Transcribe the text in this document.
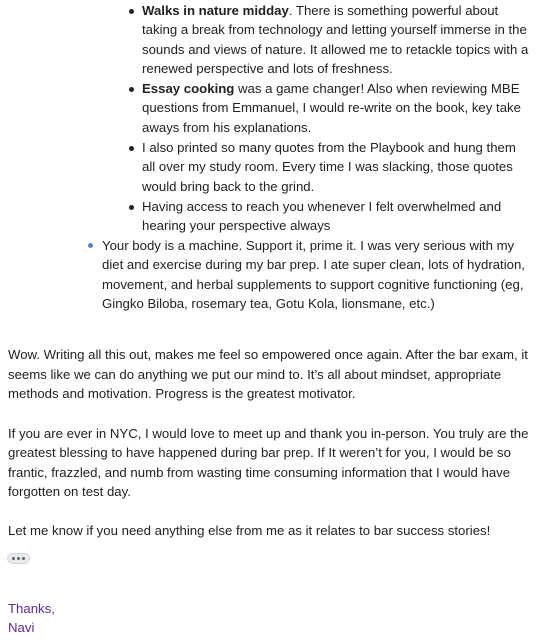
Walks in nature midday. There is something powerful about
taking a break from technology and letting yourself immerse in the
sounds and views of nature. It allowed me to retackle topics with a
renewed perspective and lots of freshness.
Essay cooking was a game changer! Also when reviewing MBE
questions from Emmanuel, I would re-write on the book, key take
aways from his explanations.
I also printed so many quotes from the Playbook and hung them
all over my study room. Every time I was slacking, those quotes
would bring back to the grind.
Having access to reach you whenever I felt overwhelmed and
hearing your perspective always
Your body is a machine. Support it, prime it. I was very serious with my
diet and exercise during my bar prep. I ate super clean, lots of hydration,
movement, and herbal supplements to support cognitive functioning (eg,
Gingko Biloba, rosemary tea, Gotu Kola, lionsmane, etc.)
Wow. Writing all this out, makes me feel so empowered once again. After the bar exam, it
seems like we can do anything we put our mind to. It’s all about mindset, appropriate
methods and motivation. Progress is the greatest motivator.
If you are ever in NYC, I would love to meet up and thank you in-person. You truly are the
greatest blessing to have happened during bar prep. If It weren’t for you, I would be so
frantic, frazzled, and numb from wasting time consuming information that I would have
forgotten on test day.
Let me know if you need anything else from me as it relates to bar success stories!
Thanks,
Navi
